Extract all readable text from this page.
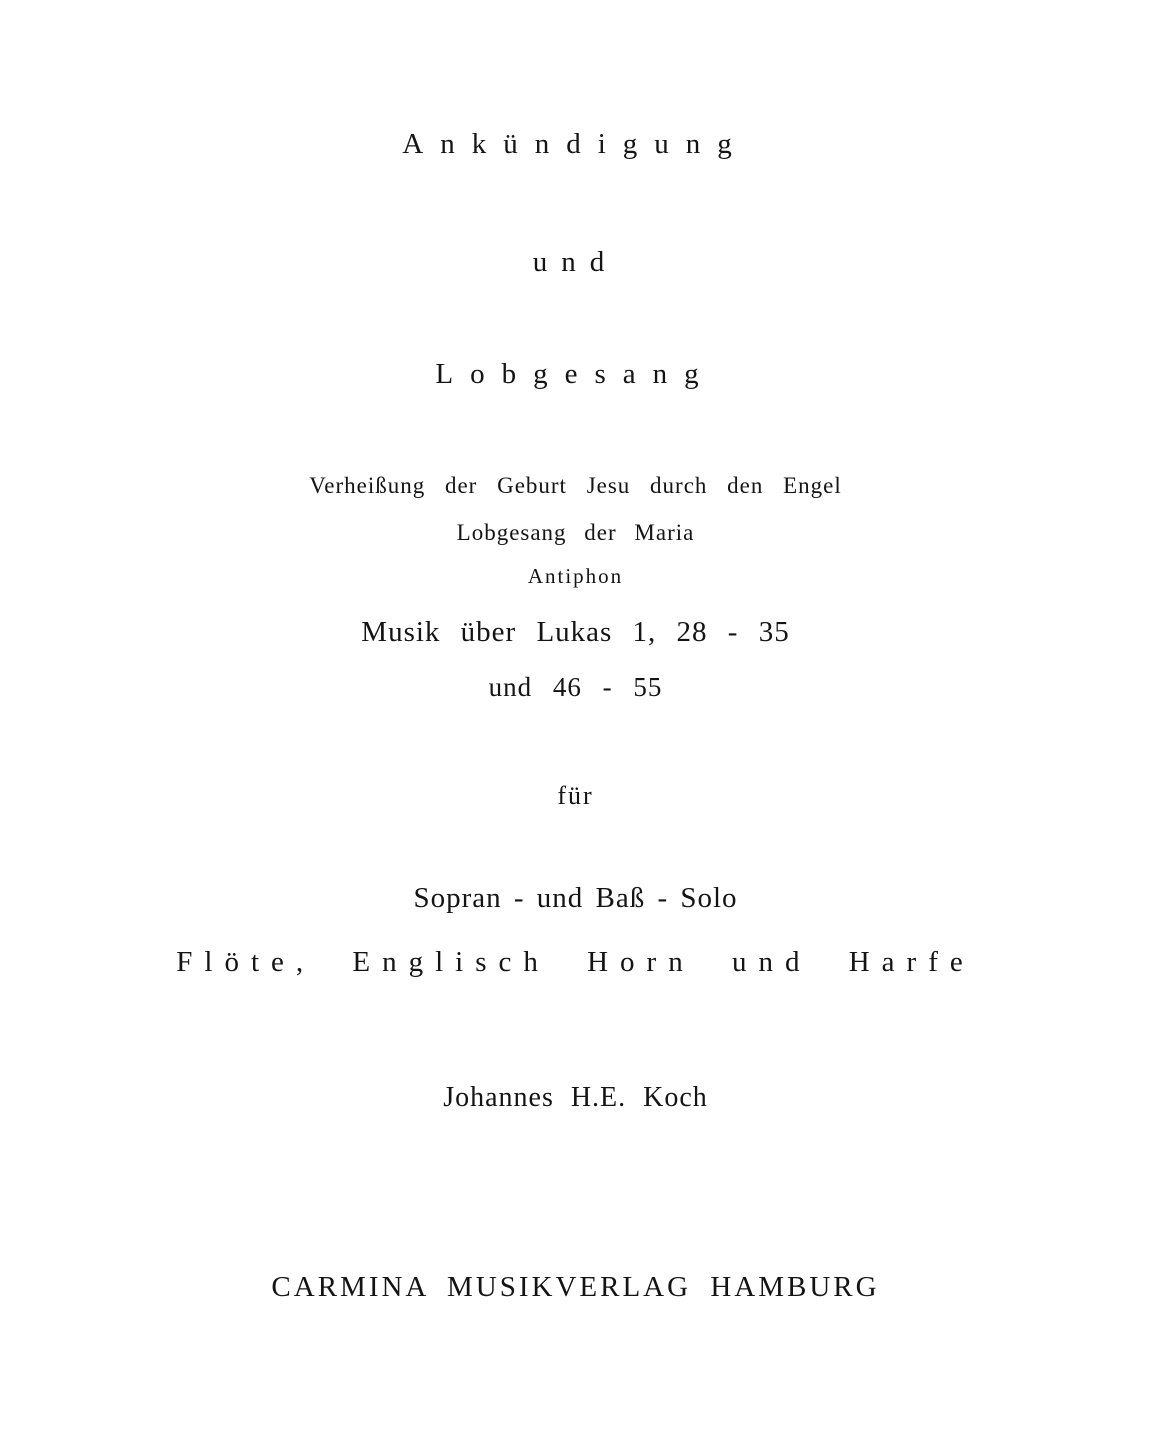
Ankündigung
und
Lobgesang
Verheißung der Geburt Jesu durch den Engel
Lobgesang der Maria
Antiphon
Musik über Lukas 1, 28 - 35
und 46 - 55
für
Sopran - und Baß - Solo
Flöte, Englisch Horn und Harfe
Johannes H.E. Koch
CARMINA MUSIKVERLAG HAMBURG
